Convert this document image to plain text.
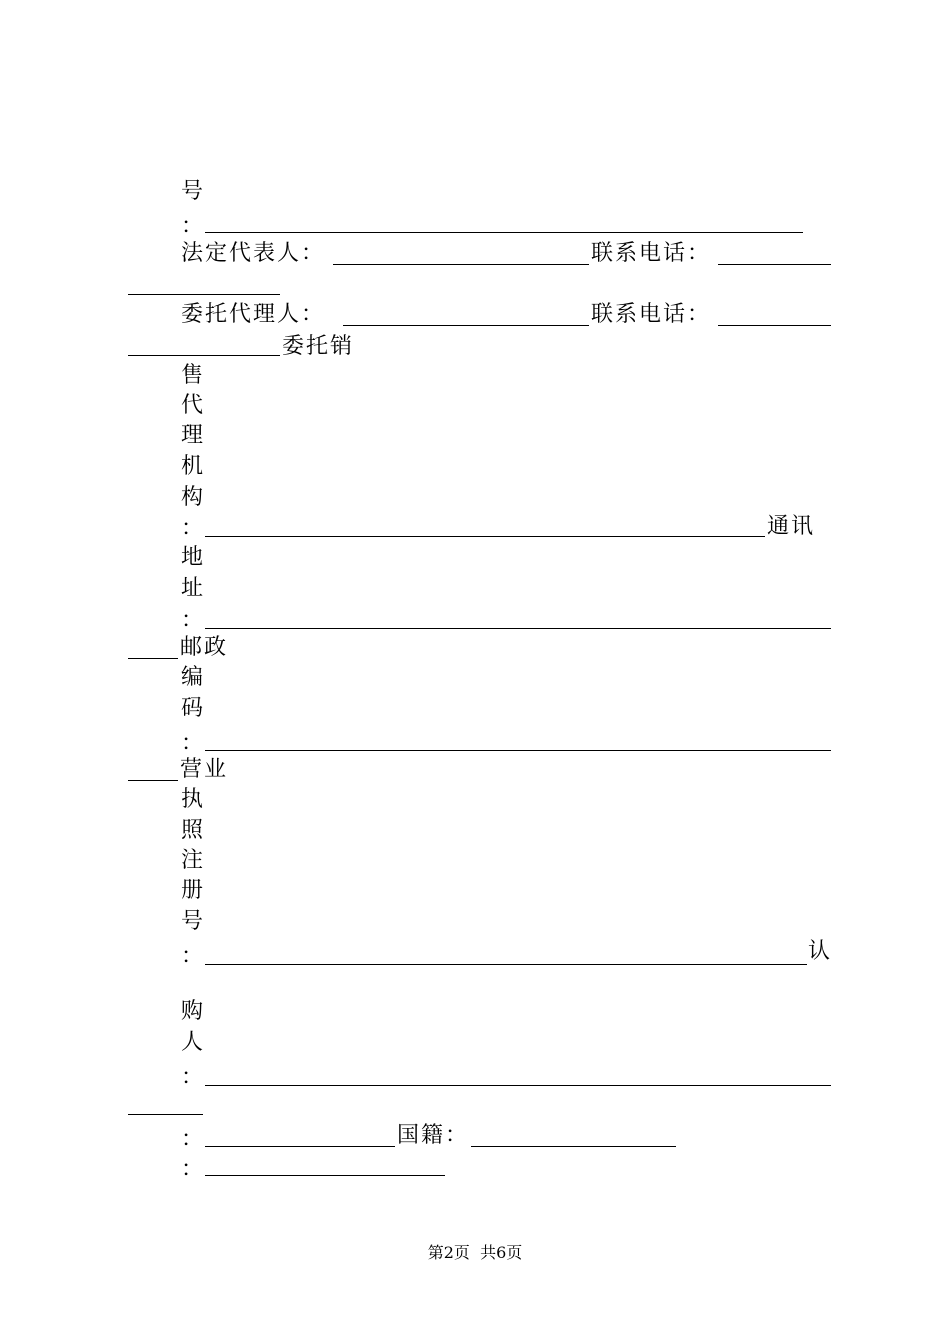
号
：
法定代表人：	联系电话：
委托代理人：	联系电话：
委 托 销
售
代
理
机
构
：	通 讯
地
址
：
邮 政
编
码
：
营 业
执
照
注
册
号
：	认
购
人
：
：	国籍：
：
第2页 共6页
